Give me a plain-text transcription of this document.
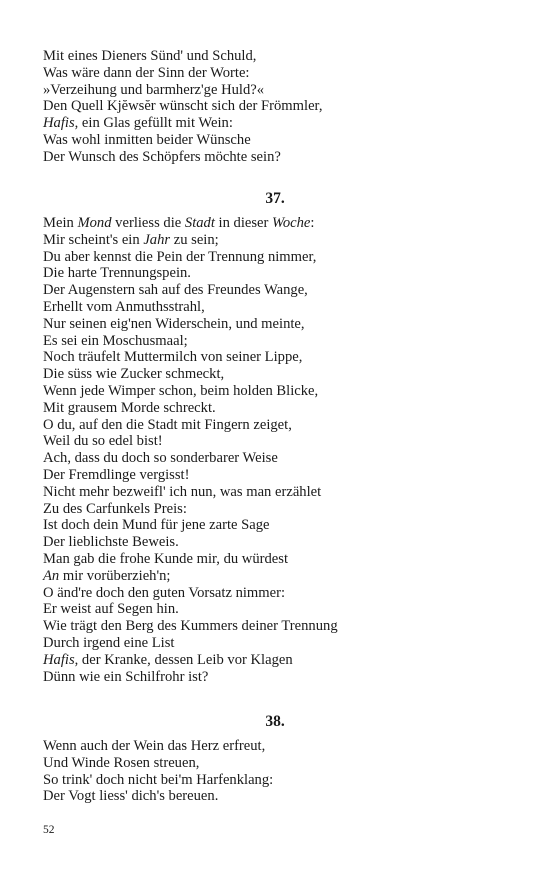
Mit eines Dieners Sünd' und Schuld,
Was wäre dann der Sinn der Worte:
»Verzeihung und barmherz'ge Huld?«
Den Quell Kjĕwsĕr wünscht sich der Frömmler,
Hafis, ein Glas gefüllt mit Wein:
Was wohl inmitten beider Wünsche
Der Wunsch des Schöpfers möchte sein?
37.
Mein Mond verliess die Stadt in dieser Woche:
Mir scheint's ein Jahr zu sein;
Du aber kennst die Pein der Trennung nimmer,
Die harte Trennungspein.
Der Augenstern sah auf des Freundes Wange,
Erhellt vom Anmuthsstrahl,
Nur seinen eig'nen Widerschein, und meinte,
Es sei ein Moschusmaal;
Noch träufelt Muttermilch von seiner Lippe,
Die süss wie Zucker schmeckt,
Wenn jede Wimper schon, beim holden Blicke,
Mit grausem Morde schreckt.
O du, auf den die Stadt mit Fingern zeiget,
Weil du so edel bist!
Ach, dass du doch so sonderbarer Weise
Der Fremdlinge vergisst!
Nicht mehr bezweifl' ich nun, was man erzählet
Zu des Carfunkels Preis:
Ist doch dein Mund für jene zarte Sage
Der lieblichste Beweis.
Man gab die frohe Kunde mir, du würdest
An mir vorüberzieh'n;
O änd're doch den guten Vorsatz nimmer:
Er weist auf Segen hin.
Wie trägt den Berg des Kummers deiner Trennung
Durch irgend eine List
Hafis, der Kranke, dessen Leib vor Klagen
Dünn wie ein Schilfrohr ist?
38.
Wenn auch der Wein das Herz erfreut,
Und Winde Rosen streuen,
So trink' doch nicht bei'm Harfenklang:
Der Vogt liess' dich's bereuen.
52
